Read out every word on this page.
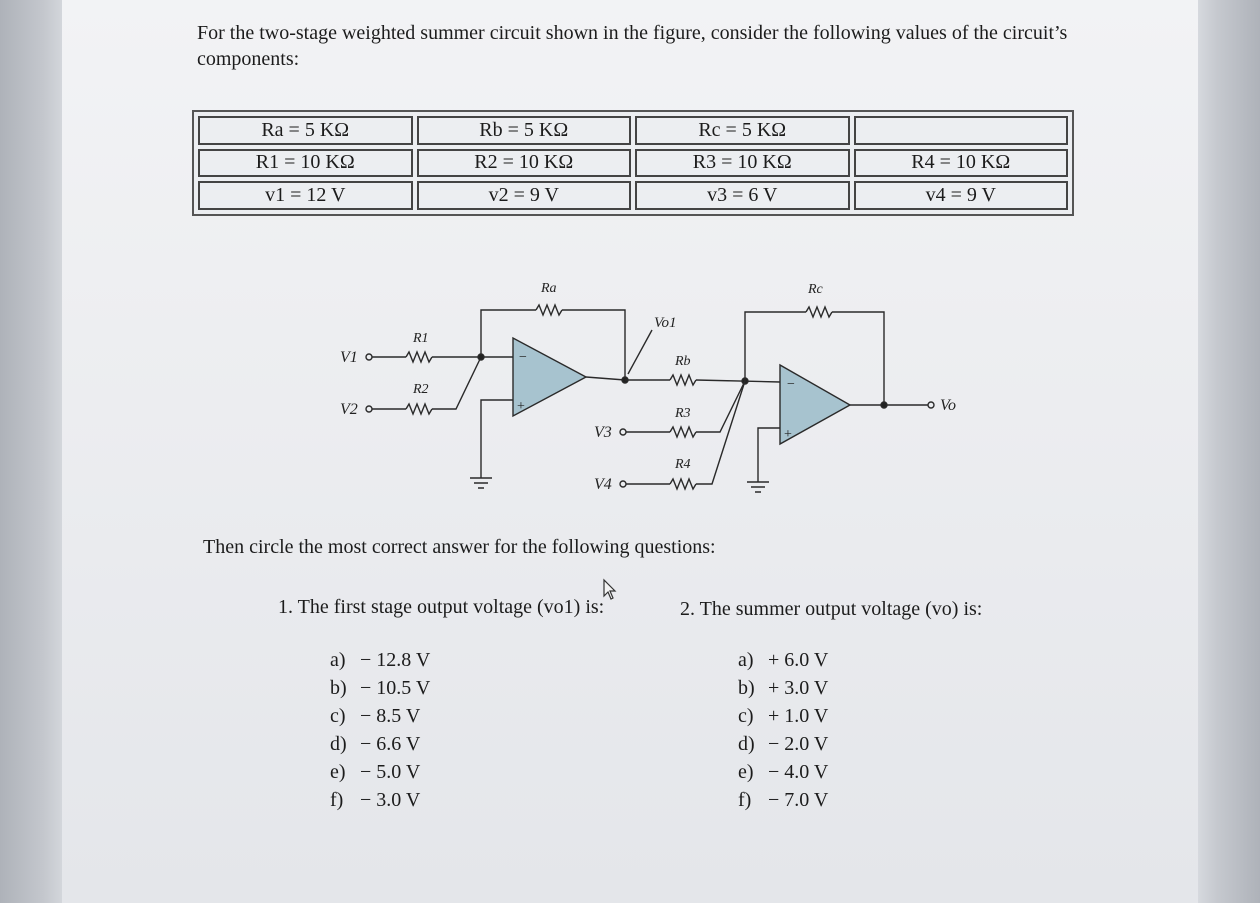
For the two-stage weighted summer circuit shown in the figure, consider the following values of the circuit’s components:
Ra = 5 KΩ	Rb = 5 KΩ	Rc = 5 KΩ	
R1 = 10 KΩ	R2 = 10 KΩ	R3 = 10 KΩ	R4 = 10 KΩ
v1 = 12 V	v2 = 9 V	v3 = 6 V	v4 = 9 V
−
+
−
+
Ra	Rc
R1
R2
Rb
R3
R4
Vo1
V1
V2
V3
V4
Vo
Then circle the most correct answer for the following questions:
1. The first stage output voltage (vo1) is:	2. The summer output voltage (vo) is:
a) − 12.8 V
b) − 10.5 V
c) − 8.5 V
d) − 6.6 V
e) − 5.0 V
f) − 3.0 V
a) + 6.0 V
b) + 3.0 V
c) + 1.0 V
d) − 2.0 V
e) − 4.0 V
f) − 7.0 V
